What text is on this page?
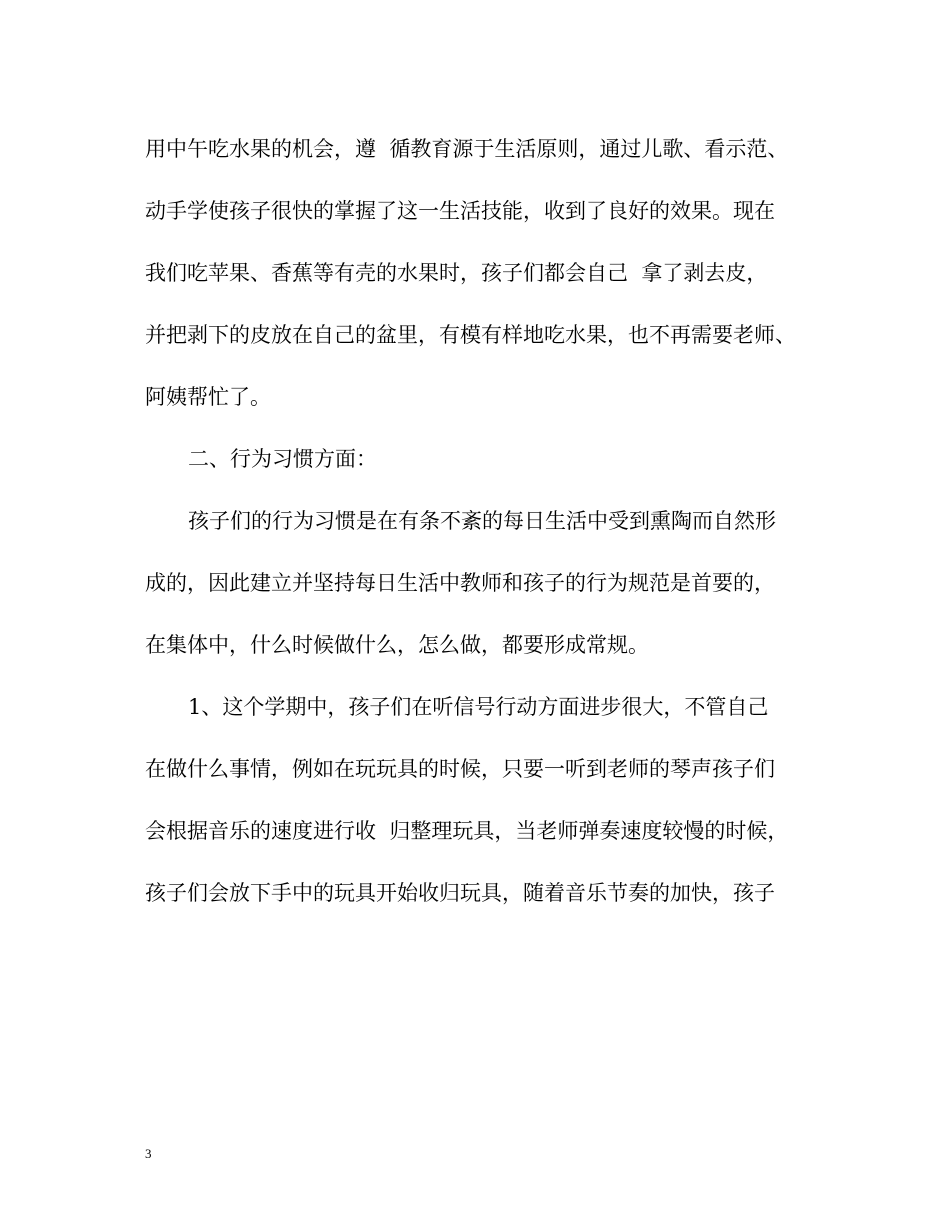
用中午吃水果的机会，遵  循教育源于生活原则，通过儿歌、看示范、
动手学使孩子很快的掌握了这一生活技能，收到了良好的效果。现在
我们吃苹果、香蕉等有壳的水果时，孩子们都会自己  拿了剥去皮，
并把剥下的皮放在自己的盆里，有模有样地吃水果，也不再需要老师、
阿姨帮忙了。
二、行为习惯方面：
孩子们的行为习惯是在有条不紊的每日生活中受到熏陶而自然形
成的，因此建立并坚持每日生活中教师和孩子的行为规范是首要的，
在集体中，什么时候做什么，怎么做，都要形成常规。
1、这个学期中，孩子们在听信号行动方面进步很大，不管自己
在做什么事情，例如在玩玩具的时候，只要一听到老师的琴声孩子们
会根据音乐的速度进行收  归整理玩具，当老师弹奏速度较慢的时候，
孩子们会放下手中的玩具开始收归玩具，随着音乐节奏的加快，孩子
3
